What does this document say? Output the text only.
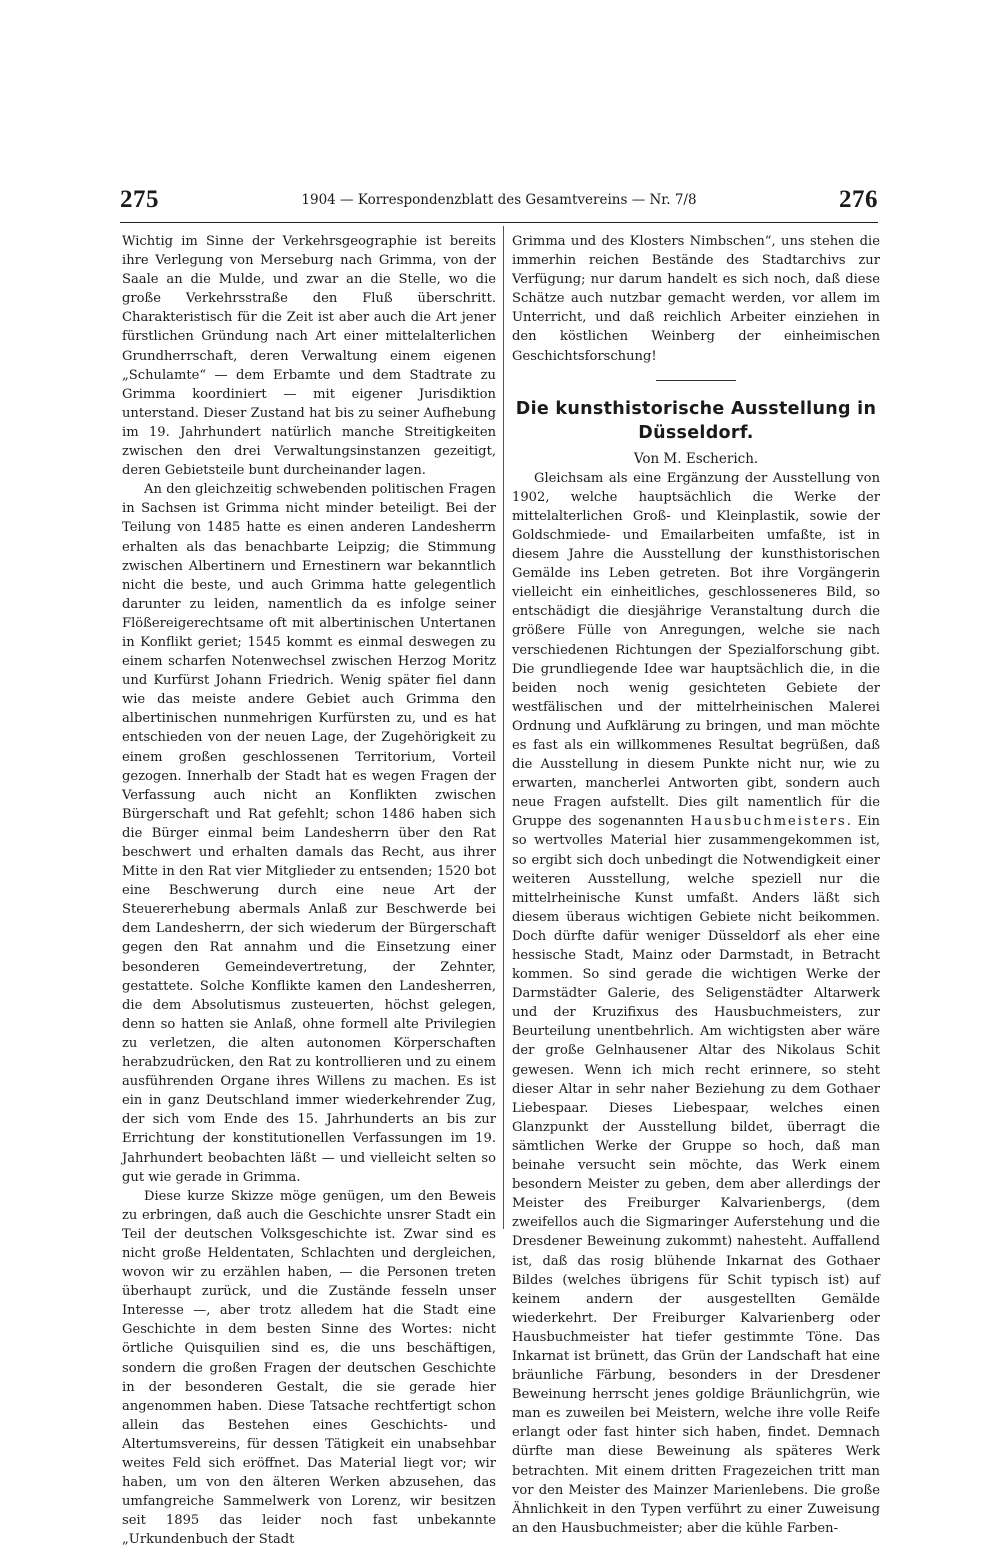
275	1904 — Korrespondenzblatt des Gesamtvereins — Nr. 7/8	276

Wichtig im Sinne der Verkehrsgeographie ist bereits ihre Verlegung von Merseburg nach Grimma, von der Saale an die Mulde, und zwar an die Stelle, wo die große Verkehrsstraße den Fluß überschritt. Charakteristisch für die Zeit ist aber auch die Art jener fürstlichen Gründung nach Art einer mittelalterlichen Grundherrschaft, deren Verwaltung einem eigenen „Schulamte“ — dem Erbamte und dem Stadtrate zu Grimma koordiniert — mit eigener Jurisdiktion unterstand. Dieser Zustand hat bis zu seiner Aufhebung im 19. Jahrhundert natürlich manche Streitigkeiten zwischen den drei Verwaltungsinstanzen gezeitigt, deren Gebietsteile bunt durcheinander lagen.

An den gleichzeitig schwebenden politischen Fragen in Sachsen ist Grimma nicht minder beteiligt. Bei der Teilung von 1485 hatte es einen anderen Landesherrn erhalten als das benachbarte Leipzig; die Stimmung zwischen Albertinern und Ernestinern war bekanntlich nicht die beste, und auch Grimma hatte gelegentlich darunter zu leiden, namentlich da es infolge seiner Flößereigerechtsame oft mit albertinischen Untertanen in Konflikt geriet; 1545 kommt es einmal deswegen zu einem scharfen Notenwechsel zwischen Herzog Moritz und Kurfürst Johann Friedrich. Wenig später fiel dann wie das meiste andere Gebiet auch Grimma den albertinischen nunmehrigen Kurfürsten zu, und es hat entschieden von der neuen Lage, der Zugehörigkeit zu einem großen geschlossenen Territorium, Vorteil gezogen. Innerhalb der Stadt hat es wegen Fragen der Verfassung auch nicht an Konflikten zwischen Bürgerschaft und Rat gefehlt; schon 1486 haben sich die Bürger einmal beim Landesherrn über den Rat beschwert und erhalten damals das Recht, aus ihrer Mitte in den Rat vier Mitglieder zu entsenden; 1520 bot eine Beschwerung durch eine neue Art der Steuererhebung abermals Anlaß zur Beschwerde bei dem Landesherrn, der sich wiederum der Bürgerschaft gegen den Rat annahm und die Einsetzung einer besonderen Gemeindevertretung, der Zehnter, gestattete. Solche Konflikte kamen den Landesherren, die dem Absolutismus zusteuerten, höchst gelegen, denn so hatten sie Anlaß, ohne formell alte Privilegien zu verletzen, die alten autonomen Körperschaften herabzudrücken, den Rat zu kontrollieren und zu einem ausführenden Organe ihres Willens zu machen. Es ist ein in ganz Deutschland immer wiederkehrender Zug, der sich vom Ende des 15. Jahrhunderts an bis zur Errichtung der konstitutionellen Verfassungen im 19. Jahrhundert beobachten läßt — und vielleicht selten so gut wie gerade in Grimma.

Diese kurze Skizze möge genügen, um den Beweis zu erbringen, daß auch die Geschichte unsrer Stadt ein Teil der deutschen Volksgeschichte ist. Zwar sind es nicht große Heldentaten, Schlachten und dergleichen, wovon wir zu erzählen haben, — die Personen treten überhaupt zurück, und die Zustände fesseln unser Interesse —, aber trotz alledem hat die Stadt eine Geschichte in dem besten Sinne des Wortes: nicht örtliche Quisquilien sind es, die uns beschäftigen, sondern die großen Fragen der deutschen Geschichte in der besonderen Gestalt, die sie gerade hier angenommen haben. Diese Tatsache rechtfertigt schon allein das Bestehen eines Geschichts- und Altertumsvereins, für dessen Tätigkeit ein unabsehbar weites Feld sich eröffnet. Das Material liegt vor; wir haben, um von den älteren Werken abzusehen, das umfangreiche Sammelwerk von Lorenz, wir besitzen seit 1895 das leider noch fast unbekannte „Urkundenbuch der Stadt

Grimma und des Klosters Nimbschen“, uns stehen die immerhin reichen Bestände des Stadtarchivs zur Verfügung; nur darum handelt es sich noch, daß diese Schätze auch nutzbar gemacht werden, vor allem im Unterricht, und daß reichlich Arbeiter einziehen in den köstlichen Weinberg der einheimischen Geschichtsforschung!

Die kunsthistorische Ausstellung in Düsseldorf.
Von M. Escherich.

Gleichsam als eine Ergänzung der Ausstellung von 1902, welche hauptsächlich die Werke der mittelalterlichen Groß- und Kleinplastik, sowie der Goldschmiede- und Emailarbeiten umfaßte, ist in diesem Jahre die Ausstellung der kunsthistorischen Gemälde ins Leben getreten. Bot ihre Vorgängerin vielleicht ein einheitliches, geschlosseneres Bild, so entschädigt die diesjährige Veranstaltung durch die größere Fülle von Anregungen, welche sie nach verschiedenen Richtungen der Spezialforschung gibt. Die grundliegende Idee war hauptsächlich die, in die beiden noch wenig gesichteten Gebiete der westfälischen und der mittelrheinischen Malerei Ordnung und Aufklärung zu bringen, und man möchte es fast als ein willkommenes Resultat begrüßen, daß die Ausstellung in diesem Punkte nicht nur, wie zu erwarten, mancherlei Antworten gibt, sondern auch neue Fragen aufstellt. Dies gilt namentlich für die Gruppe des sogenannten Hausbuchmeisters. Ein so wertvolles Material hier zusammengekommen ist, so ergibt sich doch unbedingt die Notwendigkeit einer weiteren Ausstellung, welche speziell nur die mittelrheinische Kunst umfaßt. Anders läßt sich diesem überaus wichtigen Gebiete nicht beikommen. Doch dürfte dafür weniger Düsseldorf als eher eine hessische Stadt, Mainz oder Darmstadt, in Betracht kommen. So sind gerade die wichtigen Werke der Darmstädter Galerie, des Seligenstädter Altarwerk und der Kruzifixus des Hausbuchmeisters, zur Beurteilung unentbehrlich. Am wichtigsten aber wäre der große Gelnhausener Altar des Nikolaus Schit gewesen. Wenn ich mich recht erinnere, so steht dieser Altar in sehr naher Beziehung zu dem Gothaer Liebespaar. Dieses Liebespaar, welches einen Glanzpunkt der Ausstellung bildet, überragt die sämtlichen Werke der Gruppe so hoch, daß man beinahe versucht sein möchte, das Werk einem besondern Meister zu geben, dem aber allerdings der Meister des Freiburger Kalvarienbergs, (dem zweifellos auch die Sigmaringer Auferstehung und die Dresdener Beweinung zukommt) nahesteht. Auffallend ist, daß das rosig blühende Inkarnat des Gothaer Bildes (welches übrigens für Schit typisch ist) auf keinem andern der ausgestellten Gemälde wiederkehrt. Der Freiburger Kalvarienberg oder Hausbuchmeister hat tiefer gestimmte Töne. Das Inkarnat ist brünett, das Grün der Landschaft hat eine bräunliche Färbung, besonders in der Dresdener Beweinung herrscht jenes goldige Bräunlichgrün, wie man es zuweilen bei Meistern, welche ihre volle Reife erlangt oder fast hinter sich haben, findet. Demnach dürfte man diese Beweinung als späteres Werk betrachten. Mit einem dritten Fragezeichen tritt man vor den Meister des Mainzer Marienlebens. Die große Ähnlichkeit in den Typen verführt zu einer Zuweisung an den Hausbuchmeister; aber die kühle Farben-
